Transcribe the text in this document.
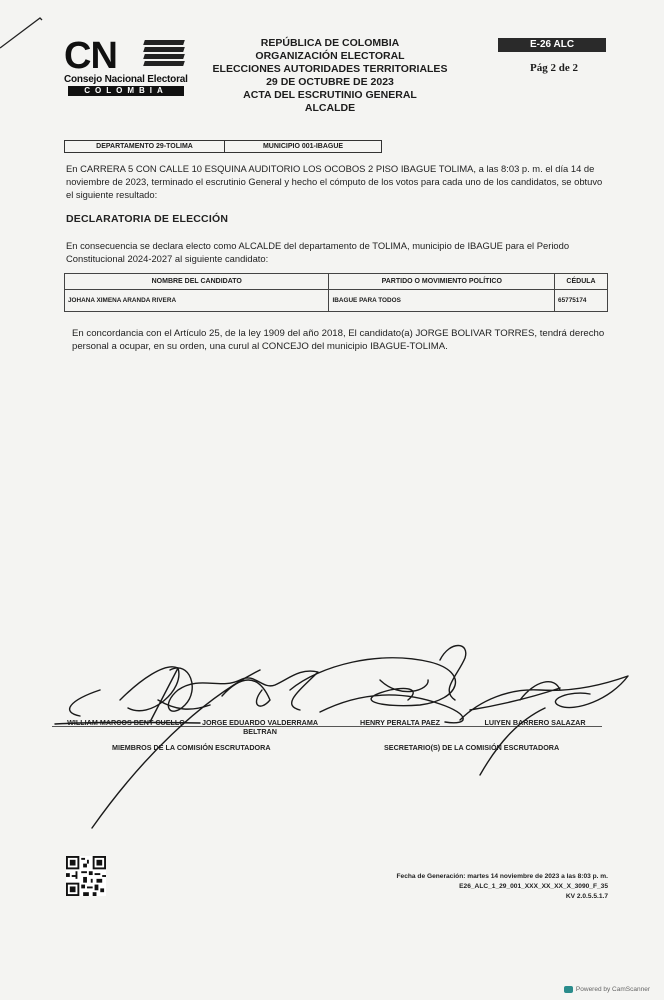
CN
Consejo Nacional Electoral
COLOMBIA
REPÚBLICA DE COLOMBIA
ORGANIZACIÓN ELECTORAL
ELECCIONES AUTORIDADES TERRITORIALES
29 DE OCTUBRE DE 2023
ACTA DEL ESCRUTINIO GENERAL
ALCALDE
E-26 ALC
Pág 2 de 2
DEPARTAMENTO 29-TOLIMA	MUNICIPIO 001-IBAGUE
En CARRERA 5 CON CALLE 10 ESQUINA AUDITORIO LOS OCOBOS 2 PISO IBAGUE TOLIMA, a las 8:03 p. m. el día 14 de noviembre de 2023, terminado el escrutinio General y hecho el cómputo de los votos para cada uno de los candidatos, se obtuvo el siguiente resultado:
DECLARATORIA DE ELECCIÓN
En consecuencia se declara electo como ALCALDE del departamento de TOLIMA, municipio de IBAGUE para el Periodo Constitucional 2024-2027 al siguiente candidato:
NOMBRE DEL CANDIDATO	PARTIDO O MOVIMIENTO POLÍTICO	CÉDULA
JOHANA XIMENA ARANDA RIVERA	IBAGUE PARA TODOS	65775174
En concordancia con el Artículo 25, de la ley 1909 del año 2018, El candidato(a) JORGE BOLIVAR TORRES, tendrá derecho personal a ocupar, en su orden, una curul al CONCEJO del municipio IBAGUE-TOLIMA.
WILLIAM MARCOS BENT CUELLO	JORGE EDUARDO VALDERRAMA BELTRAN
HENRY PERALTA PAEZ	LUIYEN BARRERO SALAZAR
MIEMBROS DE LA COMISIÓN ESCRUTADORA	SECRETARIO(S) DE LA COMISIÓN ESCRUTADORA
Fecha de Generación: martes 14 noviembre de 2023 a las 8:03 p. m.
E26_ALC_1_29_001_XXX_XX_XX_X_3090_F_35
KV 2.0.5.5.1.7
Powered by CamScanner
